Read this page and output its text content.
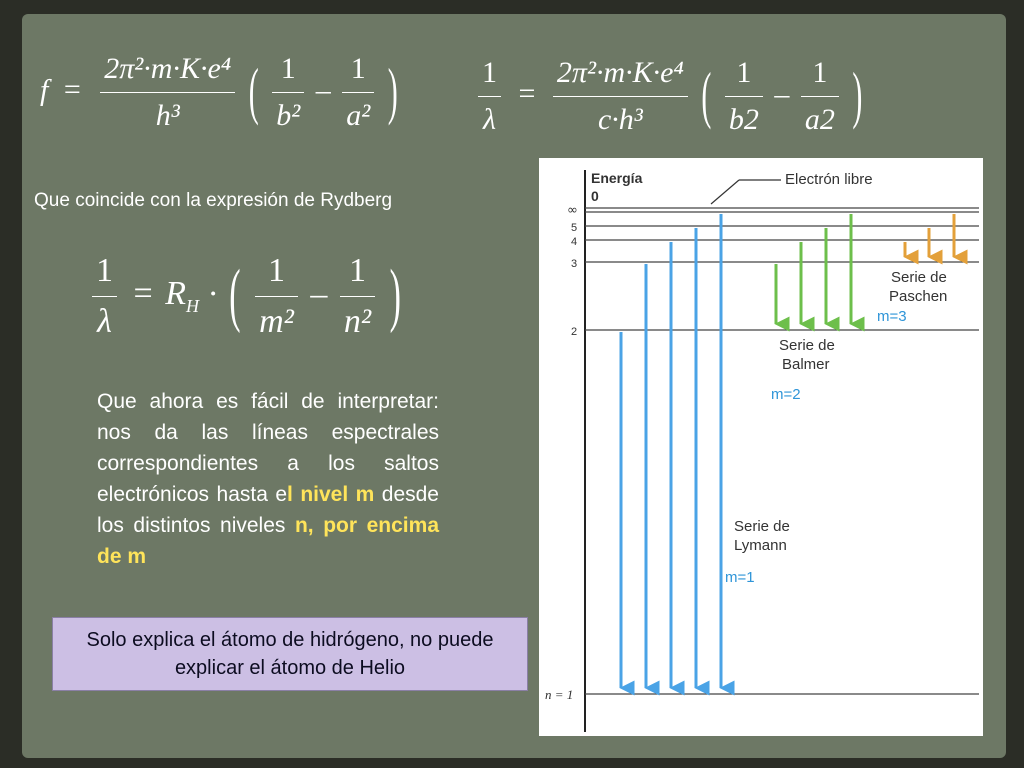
$f = \frac{\text{2π²·m·K·e⁴}}{\text{h³}}$ ( $\frac{1}{\text{b²}} - \frac{1}{\text{a²}}$ )	$\frac{1}{\lambda} = \frac{\text{2π²·m·K·e⁴}}{\text{c·h³}}$ ( $\frac{1}{b2} - \frac{1}{a2}$ )
Que coincide con la expresión de Rydberg
$\frac{1}{\lambda} = R_H$ · ( $\frac{1}{\text{m²}} - \frac{1}{\text{n²}}$ )
Que ahora es fácil de interpretar: nos da las líneas espectrales correspondientes a los saltos electrónicos hasta el nivel m desde los distintos niveles n, por encima de m
Solo explica el átomo de hidrógeno, no puede explicar el átomo de Helio
Energía
0
∞
5
4
3
2
n = 1
Electrón libre
Serie de
Paschen
m=3
Serie de
Balmer
m=2
Serie de
Lymann
m=1
